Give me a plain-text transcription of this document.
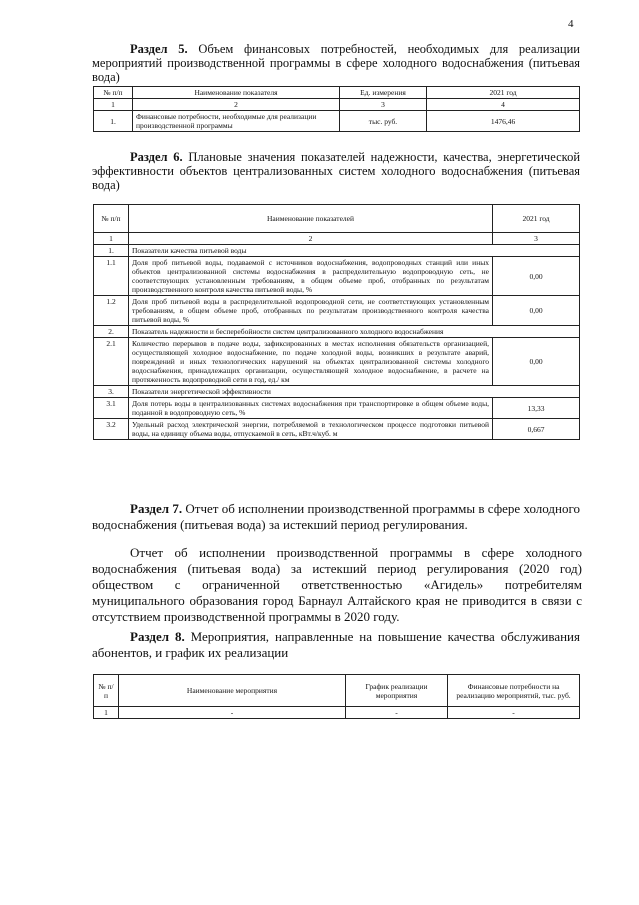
4
Раздел 5. Объем финансовых потребностей, необходимых для реализации мероприятий производственной программы в сфере холодного водоснабжения (питьевая вода)
№ п/п	Наименование показателя	Ед. измерения	2021 год
1	2	3	4
1.	Финансовые потребности, необходимые для реализации производственной программы	тыс. руб.	1476,46
Раздел 6. Плановые значения показателей надежности, качества, энергетической эффективности объектов централизованных систем холодного водоснабжения (питьевая вода)
№ п/п	Наименование показателей	2021 год
1	2	3
1.	Показатели качества питьевой воды	
1.1	Доля проб питьевой воды, подаваемой с источников водоснабжения, водопроводных станций или иных объектов централизованной системы водоснабжения в распределительную водопроводную сеть, не соответствующих установленным требованиям, в общем объеме проб, отобранных по результатам производственного контроля качества питьевой воды, %	0,00
1.2	Доля проб питьевой воды в распределительной водопроводной сети, не соответствующих установленным требованиям, в общем объеме проб, отобранных по результатам производственного контроля качества питьевой воды, %	0,00
2.	Показатель надежности и бесперебойности систем централизованного холодного водоснабжения	
2.1	Количество перерывов в подаче воды, зафиксированных в местах исполнения обязательств организацией, осуществляющей холодное водоснабжение, по подаче холодной воды, возникших в результате аварий, повреждений и иных технологических нарушений на объектах централизованной системы холодного водоснабжения, принадлежащих организации, осуществляющей холодное водоснабжение, в расчете на протяженность водопроводной сети в год, ед./ км	0,00
3.	Показатели энергетической эффективности	
3.1	Доля потерь воды в централизованных системах водоснабжения при транспортировке в общем объеме воды, поданной в водопроводную сеть, %	13,33
3.2	Удельный расход электрической энергии, потребляемой в технологическом процессе подготовки питьевой воды, на единицу объема воды, отпускаемой в сеть, кВт.ч/куб. м	0,667
Раздел 7. Отчет об исполнении производственной программы в сфере холодного водоснабжения (питьевая вода) за истекший период регулирования.
Отчет об исполнении производственной программы в сфере холодного водоснабжения (питьевая вода) за истекший период регулирования (2020 год) обществом с ограниченной ответственностью «Агидель» потребителям муниципального образования город Барнаул Алтайского края не приводится в связи с отсутствием производственной программы в 2020 году.
Раздел 8. Мероприятия, направленные на повышение качества обслуживания абонентов, и график их реализации
№ п/п	Наименование мероприятия	График реализации мероприятия	Финансовые потребности на реализацию мероприятий, тыс. руб.
1	-	-	-
